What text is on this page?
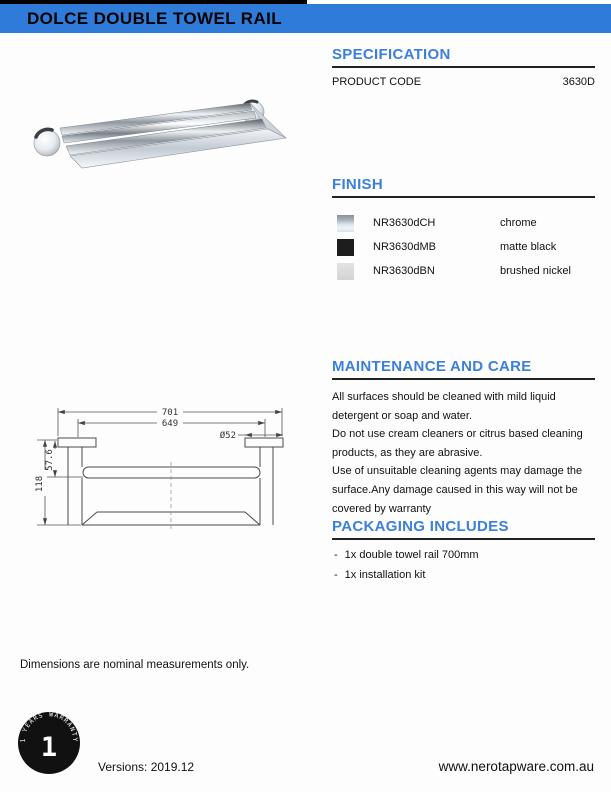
DOLCE DOUBLE TOWEL RAIL
701
649
Ø52
118
57.6
SPECIFICATION
PRODUCT CODE	3630D
FINISH
NR3630dCH	chrome
NR3630dMB	matte black
NR3630dBN	brushed nickel
MAINTENANCE AND CARE
All surfaces should be cleaned with mild liquid
detergent or soap and water.
Do not use cream cleaners or citrus based cleaning
products, as they are abrasive.
Use of unsuitable cleaning agents may damage the
surface.Any damage caused in this way will not be
covered by warranty
PACKAGING INCLUDES
- 1x double towel rail 700mm
- 1x installation kit
Dimensions are nominal measurements only.
1 YEARS WARRANTY
1
Versions: 2019.12	www.nerotapware.com.au
